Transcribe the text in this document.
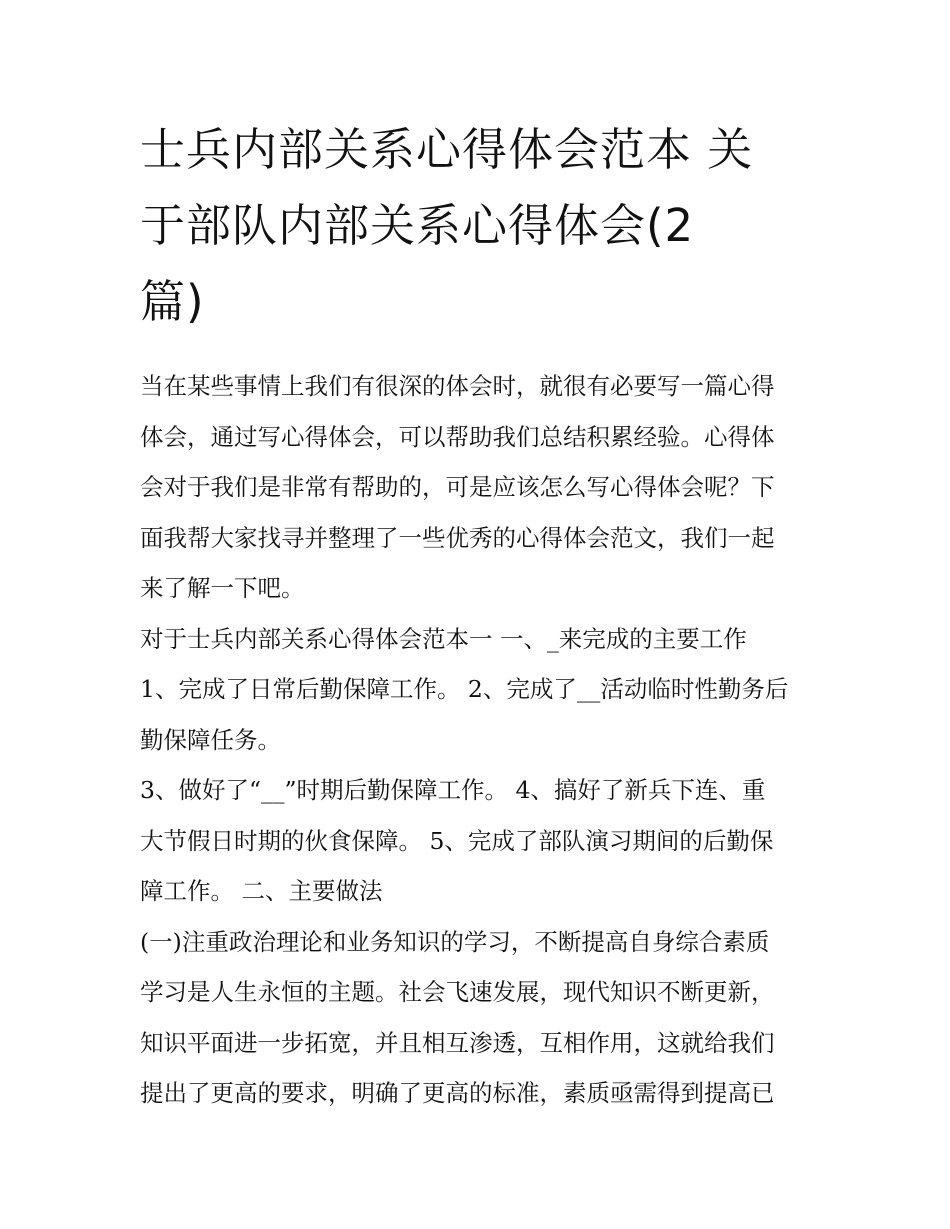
士兵内部关系心得体会范本 关
于部队内部关系心得体会(2
篇)
当在某些事情上我们有很深的体会时，就很有必要写一篇心得
体会，通过写心得体会，可以帮助我们总结积累经验。心得体
会对于我们是非常有帮助的，可是应该怎么写心得体会呢？下
面我帮大家找寻并整理了一些优秀的心得体会范文，我们一起
来了解一下吧。
对于士兵内部关系心得体会范本一 一、_来完成的主要工作
1、完成了日常后勤保障工作。 2、完成了__活动临时性勤务后
勤保障任务。
3、做好了“__”时期后勤保障工作。 4、搞好了新兵下连、重
大节假日时期的伙食保障。 5、完成了部队演习期间的后勤保
障工作。 二、主要做法
(一)注重政治理论和业务知识的学习，不断提高自身综合素质
学习是人生永恒的主题。社会飞速发展，现代知识不断更新，
知识平面进一步拓宽，并且相互渗透，互相作用，这就给我们
提出了更高的要求，明确了更高的标准，素质亟需得到提高已
